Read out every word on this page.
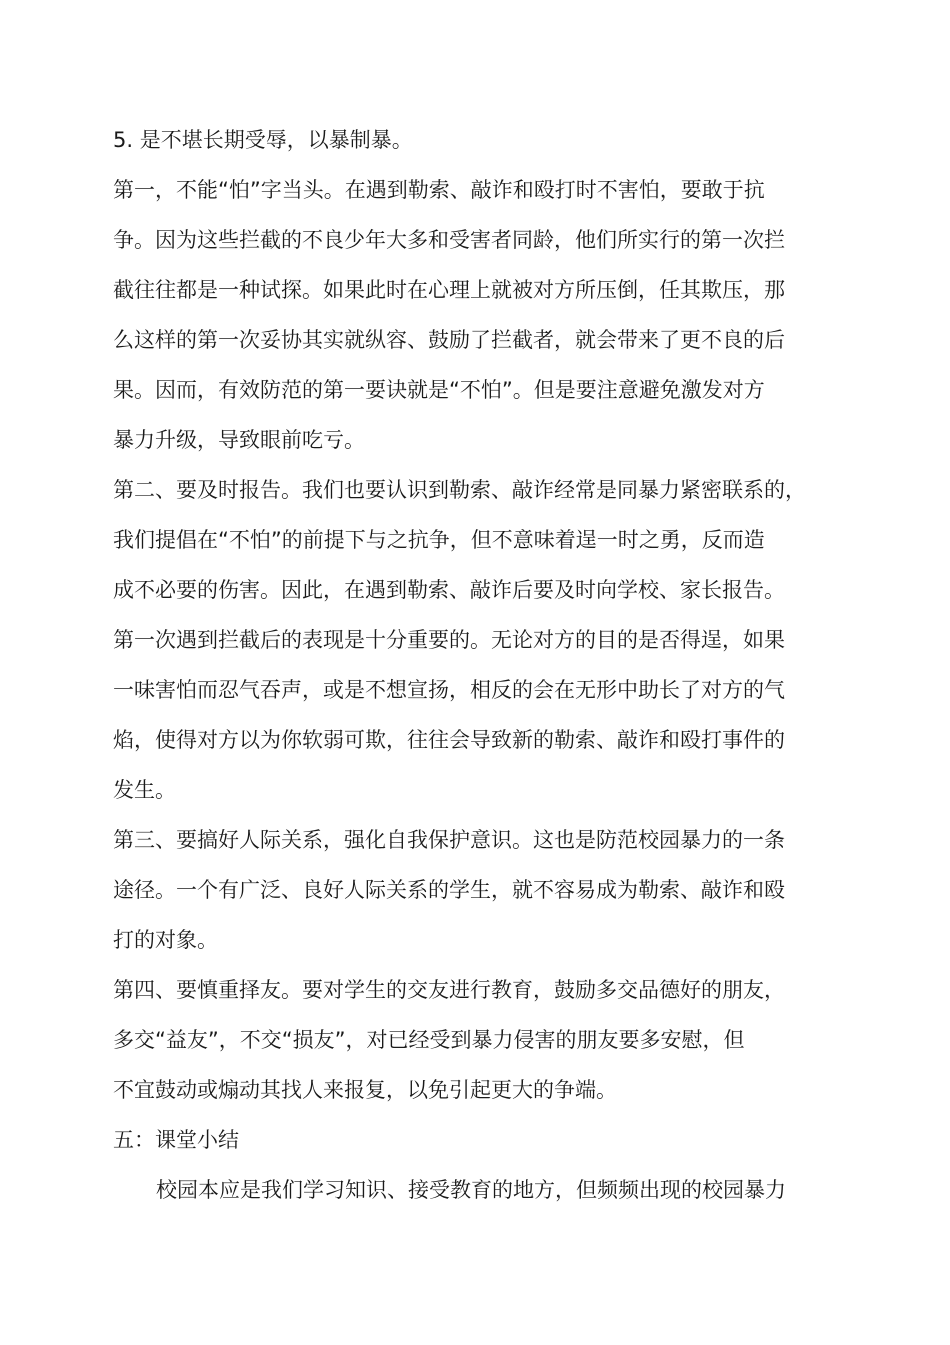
5. 是不堪长期受辱，以暴制暴。
第一，不能“怕”字当头。在遇到勒索、敲诈和殴打时不害怕，要敢于抗
争。因为这些拦截的不良少年大多和受害者同龄，他们所实行的第一次拦
截往往都是一种试探。如果此时在心理上就被对方所压倒，任其欺压，那
么这样的第一次妥协其实就纵容、鼓励了拦截者，就会带来了更不良的后
果。因而，有效防范的第一要诀就是“不怕”。但是要注意避免激发对方
暴力升级，导致眼前吃亏。
第二、要及时报告。我们也要认识到勒索、敲诈经常是同暴力紧密联系的，
我们提倡在“不怕”的前提下与之抗争，但不意味着逞一时之勇，反而造
成不必要的伤害。因此，在遇到勒索、敲诈后要及时向学校、家长报告。
第一次遇到拦截后的表现是十分重要的。无论对方的目的是否得逞，如果
一味害怕而忍气吞声，或是不想宣扬，相反的会在无形中助长了对方的气
焰，使得对方以为你软弱可欺，往往会导致新的勒索、敲诈和殴打事件的
发生。
第三、要搞好人际关系，强化自我保护意识。这也是防范校园暴力的一条
途径。一个有广泛、良好人际关系的学生，就不容易成为勒索、敲诈和殴
打的对象。
第四、要慎重择友。要对学生的交友进行教育，鼓励多交品德好的朋友，
多交“益友”，不交“损友”，对已经受到暴力侵害的朋友要多安慰，但
不宜鼓动或煽动其找人来报复，以免引起更大的争端。
五：课堂小结
校园本应是我们学习知识、接受教育的地方，但频频出现的校园暴力
